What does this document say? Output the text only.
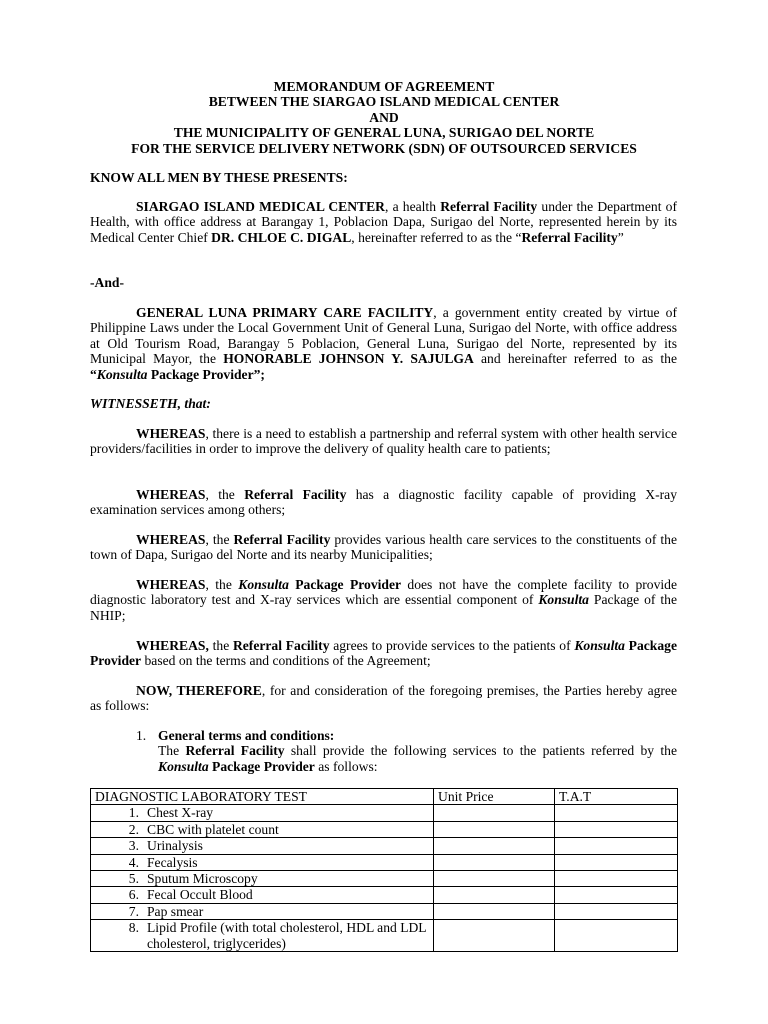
MEMORANDUM OF AGREEMENT
BETWEEN THE SIARGAO ISLAND MEDICAL CENTER
AND
THE MUNICIPALITY OF GENERAL LUNA, SURIGAO DEL NORTE
FOR THE SERVICE DELIVERY NETWORK (SDN) OF OUTSOURCED SERVICES
KNOW ALL MEN BY THESE PRESENTS:
SIARGAO ISLAND MEDICAL CENTER, a health Referral Facility under the Department of Health, with office address at Barangay 1, Poblacion Dapa, Surigao del Norte, represented herein by its Medical Center Chief DR. CHLOE C. DIGAL, hereinafter referred to as the “Referral Facility”
-And-
GENERAL LUNA PRIMARY CARE FACILITY, a government entity created by virtue of Philippine Laws under the Local Government Unit of General Luna, Surigao del Norte, with office address at Old Tourism Road, Barangay 5 Poblacion, General Luna, Surigao del Norte, represented by its Municipal Mayor, the HONORABLE JOHNSON Y. SAJULGA and hereinafter referred to as the “Konsulta Package Provider”;
WITNESSETH, that:
WHEREAS, there is a need to establish a partnership and referral system with other health service providers/facilities in order to improve the delivery of quality health care to patients;
WHEREAS, the Referral Facility has a diagnostic facility capable of providing X-ray examination services among others;
WHEREAS, the Referral Facility provides various health care services to the constituents of the town of Dapa, Surigao del Norte and its nearby Municipalities;
WHEREAS, the Konsulta Package Provider does not have the complete facility to provide diagnostic laboratory test and X-ray services which are essential component of Konsulta Package of the NHIP;
WHEREAS, the Referral Facility agrees to provide services to the patients of Konsulta Package Provider based on the terms and conditions of the Agreement;
NOW, THEREFORE, for and consideration of the foregoing premises, the Parties hereby agree as follows:
1. General terms and conditions:
The Referral Facility shall provide the following services to the patients referred by the Konsulta Package Provider as follows:
DIAGNOSTIC LABORATORY TEST	Unit Price	T.A.T

1. Chest X-ray		

2. CBC with platelet count		

3. Urinalysis		

4. Fecalysis		

5. Sputum Microscopy		

6. Fecal Occult Blood		

7. Pap smear		

8. Lipid Profile (with total cholesterol, HDL and LDL cholesterol, triglycerides)		
